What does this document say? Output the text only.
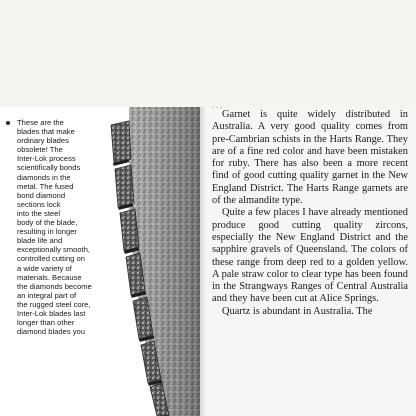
These are the
blades that make
ordinary blades
obsolete! The
Inter-Lok process
scientifically bonds
diamonds in the
metal. The fused
bond diamond
sections lock
into the steel
body of the blade,
resulting in longer
blade life and
exceptionally smooth,
controlled cutting on
a wide variety of
materials. Because
the diamonds become
an integral part of
the rugged steel core,
Inter-Lok blades last
longer than other
diamond blades you

. . .

Garnet is quite widely distributed in Australia. A very good quality comes from pre-Cambrian schists in the Harts Range. They are of a fine red color and have been mistaken for ruby. There has also been a more recent find of good cutting quality garnet in the New England District. The Harts Range garnets are of the almandite type.

Quite a few places I have already mentioned produce good cutting quality zircons, especially the New England District and the sapphire gravels of Queensland. The colors of these range from deep red to a golden yellow. A pale straw color to clear type has been found in the Strangways Ranges of Central Australia and they have been cut at Alice Springs.

Quartz is abundant in Australia. The
